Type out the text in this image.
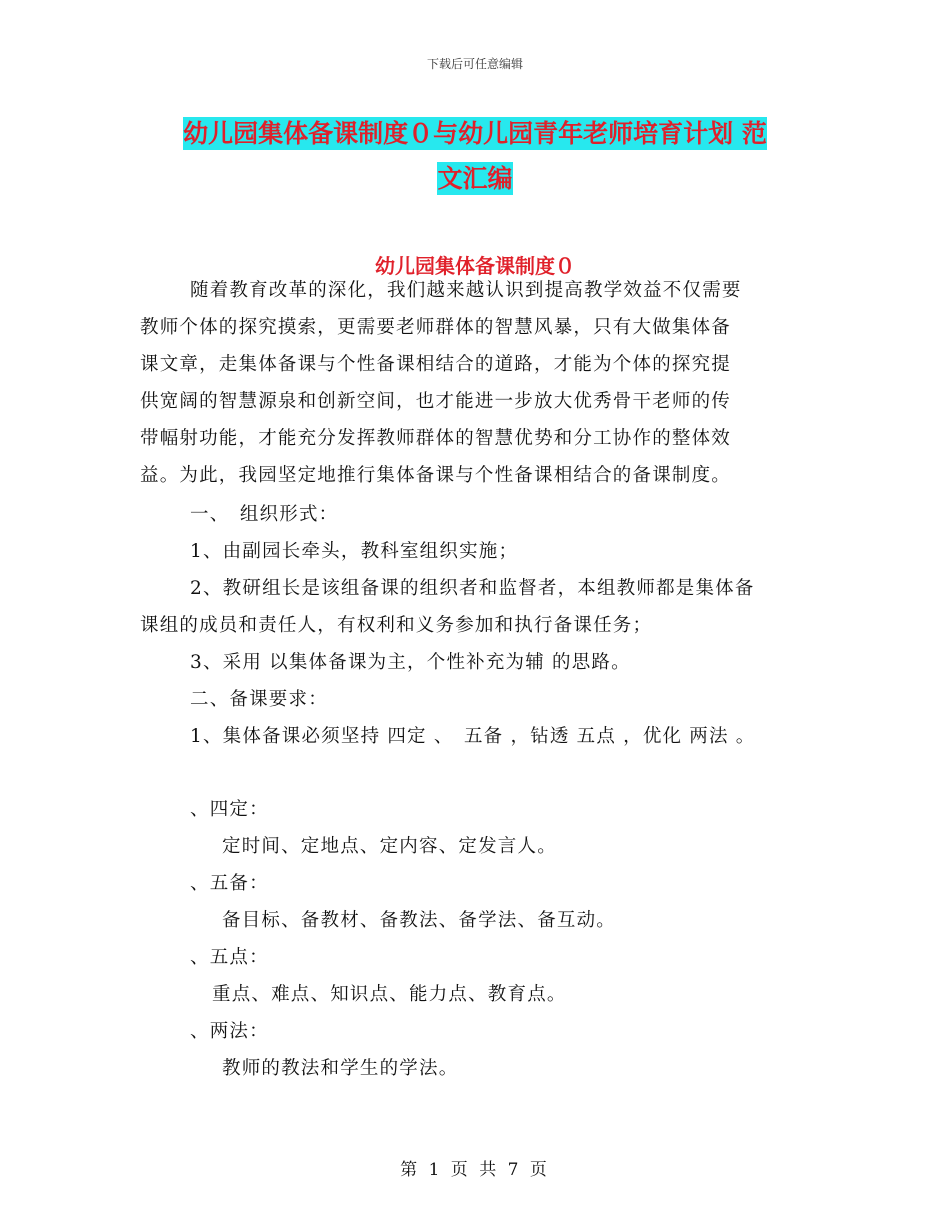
下载后可任意编辑
幼儿园集体备课制度０与幼儿园青年老师培育计划 范
文汇编
幼儿园集体备课制度０
随着教育改革的深化，我们越来越认识到提高教学效益不仅需要
教师个体的探究摸索，更需要老师群体的智慧风暴，只有大做集体备
课文章，走集体备课与个性备课相结合的道路，才能为个体的探究提
供宽阔的智慧源泉和创新空间，也才能进一步放大优秀骨干老师的传
带幅射功能，才能充分发挥教师群体的智慧优势和分工协作的整体效
益。为此，我园坚定地推行集体备课与个性备课相结合的备课制度。
一、　组织形式：
1、由副园长牵头，教科室组织实施；
2、教研组长是该组备课的组织者和监督者，本组教师都是集体备
课组的成员和责任人，有权利和义务参加和执行备课任务；
3、采用 以集体备课为主，个性补充为辅 的思路。
二、备课要求：
1、集体备课必须坚持 四定 、　五备 ，钻透 五点 ，优化 两法 。
、四定：
定时间、定地点、定内容、定发言人。
、五备：
备目标、备教材、备教法、备学法、备互动。
、五点：
重点、难点、知识点、能力点、教育点。
、两法：
教师的教法和学生的学法。
第 1 页 共 7 页
